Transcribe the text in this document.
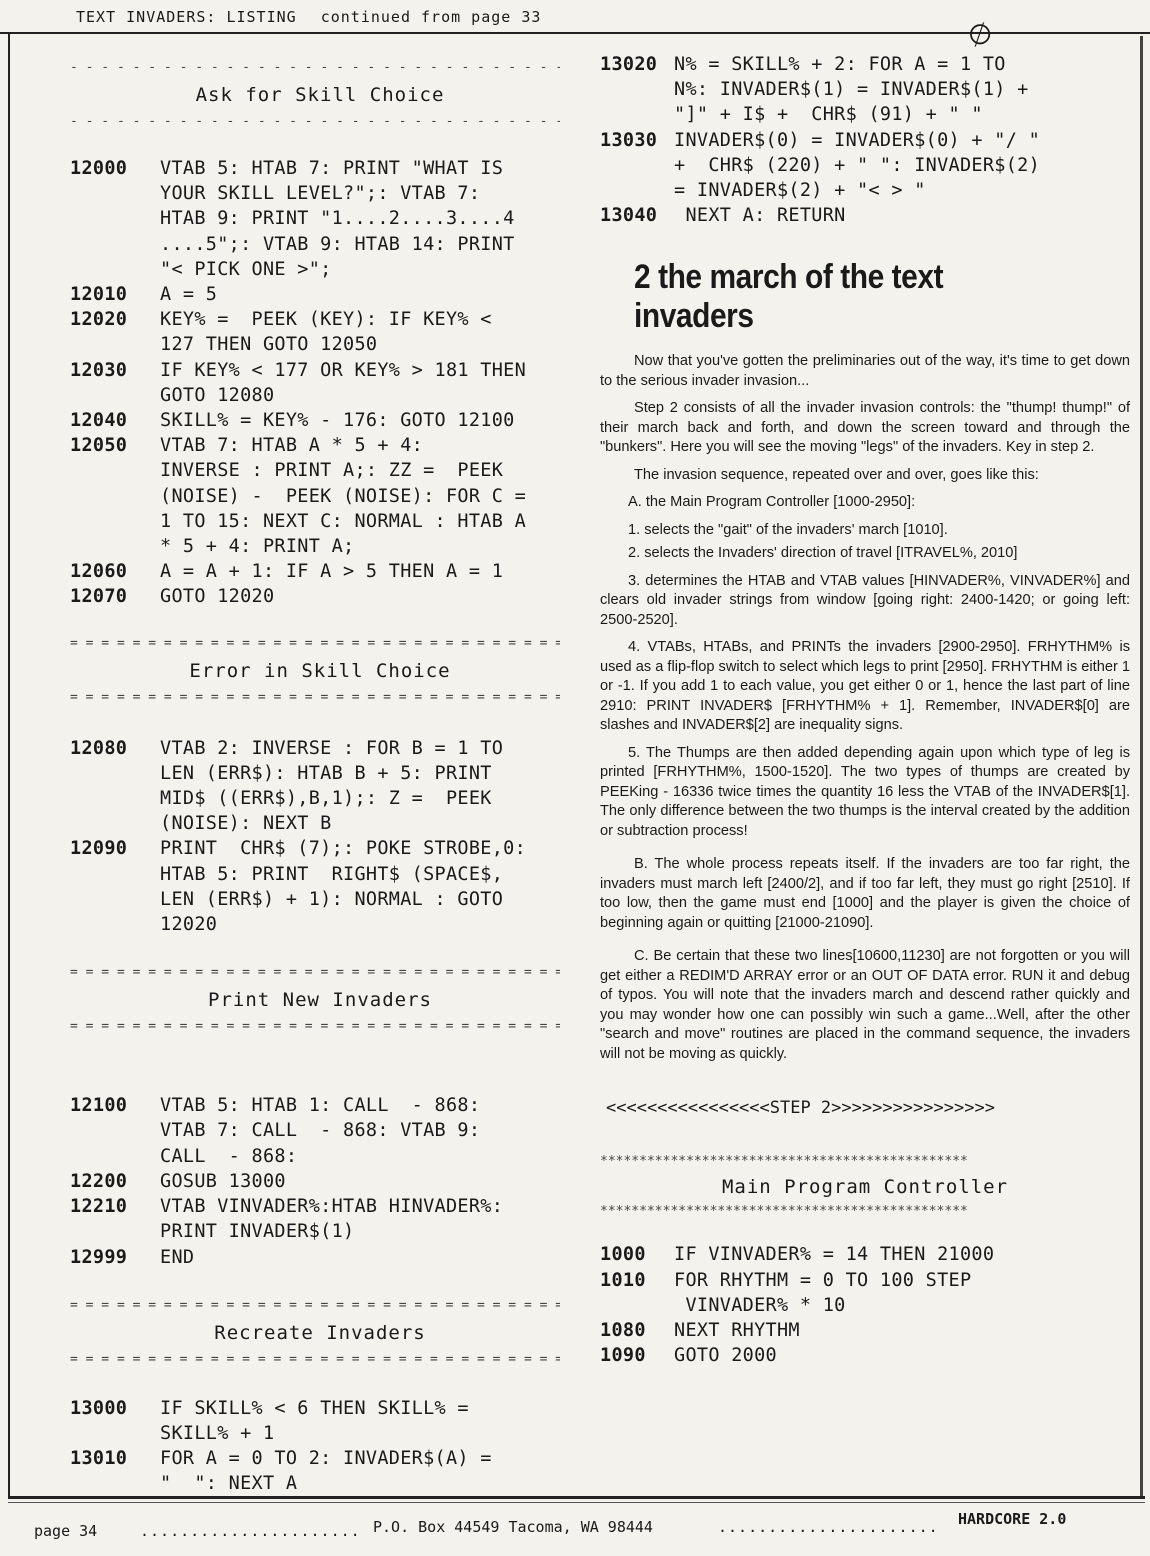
TEXT INVADERS: LISTING continued from page 33	∅
- - -
Ask for Skill Choice
- - -
12000	VTAB 5: HTAB 7: PRINT "WHAT IS
YOUR SKILL LEVEL?";: VTAB 7:
HTAB 9: PRINT "1....2....3....4
....5";: VTAB 9: HTAB 14: PRINT
"< PICK ONE >";
12010	A = 5
12020	KEY% =  PEEK (KEY): IF KEY% <
127 THEN GOTO 12050
12030	IF KEY% < 177 OR KEY% > 181 THEN
GOTO 12080
12040	SKILL% = KEY% - 176: GOTO 12100
12050	VTAB 7: HTAB A * 5 + 4:
INVERSE : PRINT A;: ZZ =  PEEK
(NOISE) -  PEEK (NOISE): FOR C =
1 TO 15: NEXT C: NORMAL : HTAB A
* 5 + 4: PRINT A;
12060	A = A + 1: IF A > 5 THEN A = 1
12070	GOTO 12020
= = =
Error in Skill Choice
= = =
12080	VTAB 2: INVERSE : FOR B = 1 TO
LEN (ERR$): HTAB B + 5: PRINT
MID$ ((ERR$),B,1);: Z =  PEEK
(NOISE): NEXT B
12090	PRINT  CHR$ (7);: POKE STROBE,0:
HTAB 5: PRINT  RIGHT$ (SPACE$,
LEN (ERR$) + 1): NORMAL : GOTO
12020
= = =
Print New Invaders
= = =
12100	VTAB 5: HTAB 1: CALL  - 868:
VTAB 7: CALL  - 868: VTAB 9:
CALL  - 868:
12200	GOSUB 13000
12210	VTAB VINVADER%:HTAB HINVADER%:
PRINT INVADER$(1)
12999	END
= = =
Recreate Invaders
= = =
13000	IF SKILL% < 6 THEN SKILL% =
SKILL% + 1
13010	FOR A = 0 TO 2: INVADER$(A) =
"  ": NEXT A
13020 N% = SKILL% + 2: FOR A = 1 TO
N%: INVADER$(1) = INVADER$(1) +
"]" + I$ +  CHR$ (91) + " "
13030 INVADER$(0) = INVADER$(0) + "/ "
+  CHR$ (220) + " ": INVADER$(2)
= INVADER$(2) + "< > "
13040 NEXT A: RETURN
2 the march of the text invaders

Now that you've gotten the preliminaries out of the way, it's time to get down to the serious invader invasion...

Step 2 consists of all the invader invasion controls: the "thump! thump!" of their march back and forth, and down the screen toward and through the "bunkers". Here you will see the moving "legs" of the invaders. Key in step 2.

The invasion sequence, repeated over and over, goes like this:

A. the Main Program Controller [1000-2950]:

1. selects the "gait" of the invaders' march [1010].

2. selects the Invaders' direction of travel [ITRAVEL%, 2010]

3. determines the HTAB and VTAB values [HINVADER%, VINVADER%] and clears old invader strings from window [going right: 2400-1420; or going left: 2500-2520].

4. VTABs, HTABs, and PRINTs the invaders [2900-2950]. FRHYTHM% is used as a flip-flop switch to select which legs to print [2950]. FRHYTHM is either 1 or -1. If you add 1 to each value, you get either 0 or 1, hence the last part of line 2910: PRINT INVADER$ [FRHYTHM% + 1]. Remember, INVADER$[0] are slashes and INVADER$[2] are inequality signs.

5. The Thumps are then added depending again upon which type of leg is printed [FRHYTHM%, 1500-1520]. The two types of thumps are created by PEEKing - 16336 twice times the quantity 16 less the VTAB of the INVADER$[1]. The only difference between the two thumps is the interval created by the addition or subtraction process!

B. The whole process repeats itself. If the invaders are too far right, the invaders must march left [2400/2], and if too far left, they must go right [2510]. If too low, then the game must end [1000] and the player is given the choice of beginning again or quitting [21000-21090].

C. Be certain that these two lines[10600,11230] are not forgotten or you will get either a REDIM'D ARRAY error or an OUT OF DATA error. RUN it and debug of typos. You will note that the invaders march and descend rather quickly and you may wonder how one can possibly win such a game...Well, after the other "search and move" routines are placed in the command sequence, the invaders will not be moving as quickly.

<<<<<<<<<<<<<<<<STEP 2>>>>>>>>>>>>>>>>
*****
Main Program Controller
*****
1000	IF VINVADER% = 14 THEN 21000
1010	FOR RHYTHM = 0 TO 100 STEP
VINVADER% * 10
1080	NEXT RHYTHM
1090	GOTO 2000
page 34	...................... P.O. Box 44549 Tacoma, WA 98444	...................... HARDCORE 2.0
